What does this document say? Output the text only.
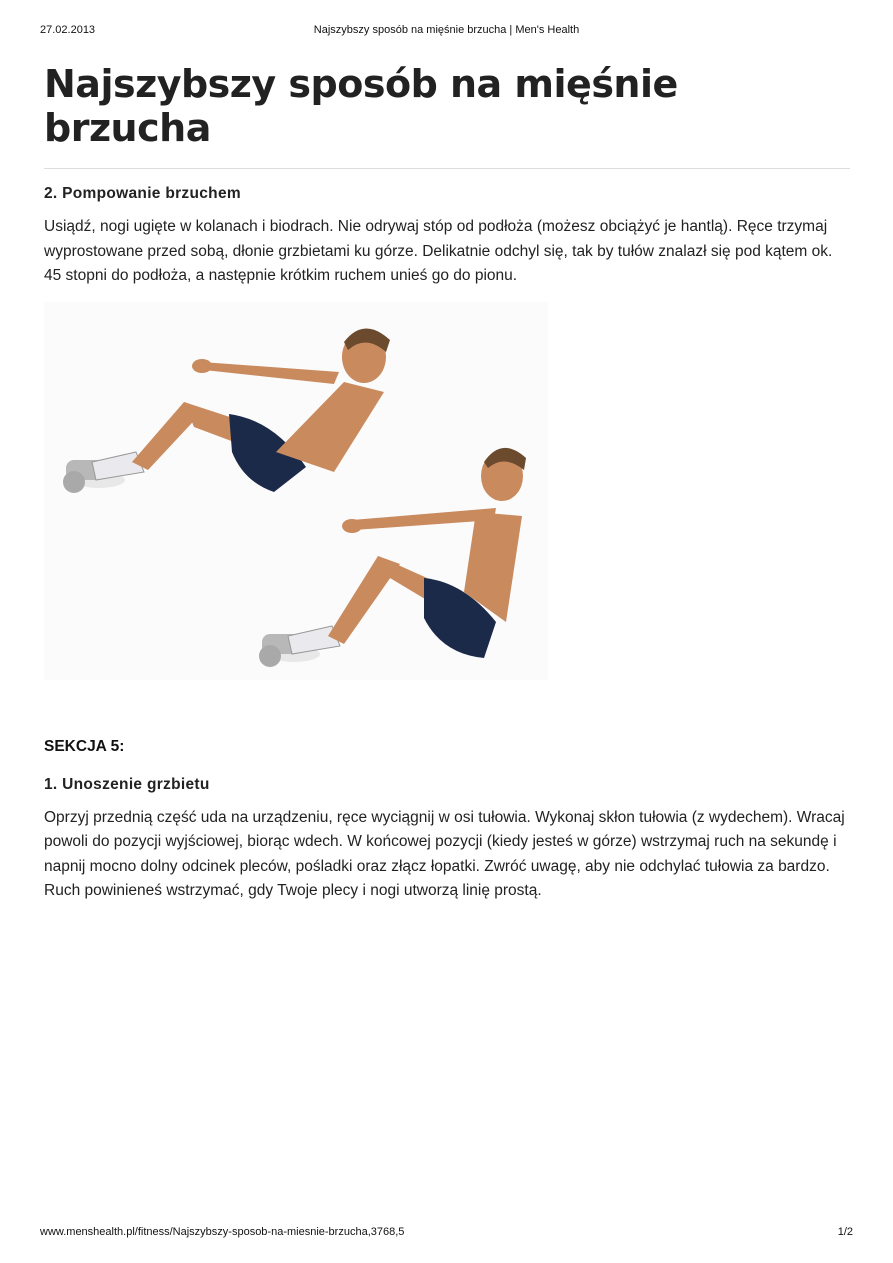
27.02.2013	Najszybszy sposób na mięśnie brzucha | Men's Health
Najszybszy sposób na mięśnie brzucha
2. Pompowanie brzuchem

Usiądź, nogi ugięte w kolanach i biodrach. Nie odrywaj stóp od podłoża (możesz obciążyć je hantlą). Ręce trzymaj wyprostowane przed sobą, dłonie grzbietami ku górze. Delikatnie odchyl się, tak by tułów znalazł się pod kątem ok. 45 stopni do podłoża, a następnie krótkim ruchem unieś go do pionu.

SEKCJA 5:
1. Unoszenie grzbietu

Oprzyj przednią część uda na urządzeniu, ręce wyciągnij w osi tułowia. Wykonaj skłon tułowia (z wydechem). Wracaj powoli do pozycji wyjściowej, biorąc wdech. W końcowej pozycji (kiedy jesteś w górze) wstrzymaj ruch na sekundę i napnij mocno dolny odcinek pleców, pośladki oraz złącz łopatki. Zwróć uwagę, aby nie odchylać tułowia za bardzo. Ruch powinieneś wstrzymać, gdy Twoje plecy i nogi utworzą linię prostą.

www.menshealth.pl/fitness/Najszybszy-sposob-na-miesnie-brzucha,3768,5	1/2
